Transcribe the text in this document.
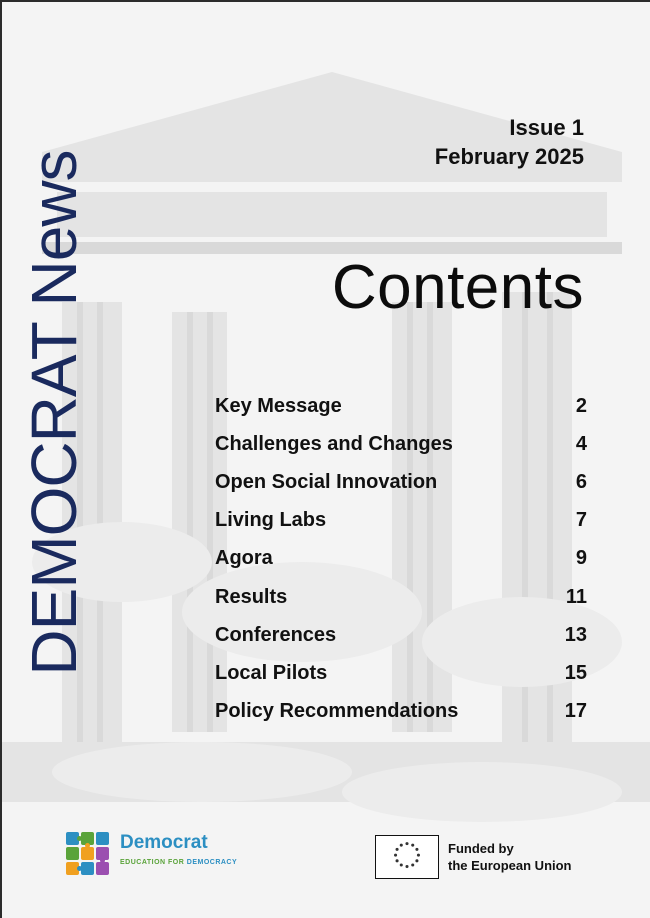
DEMOCRAT News
Issue 1
February 2025
Contents
Key Message	2
Challenges and Changes	4
Open Social Innovation	6
Living Labs	7
Agora	9
Results	11
Conferences	13
Local Pilots	15
Policy Recommendations	17
Democrat
EDUCATION FOR DEMOCRACY
Funded by
the European Union
